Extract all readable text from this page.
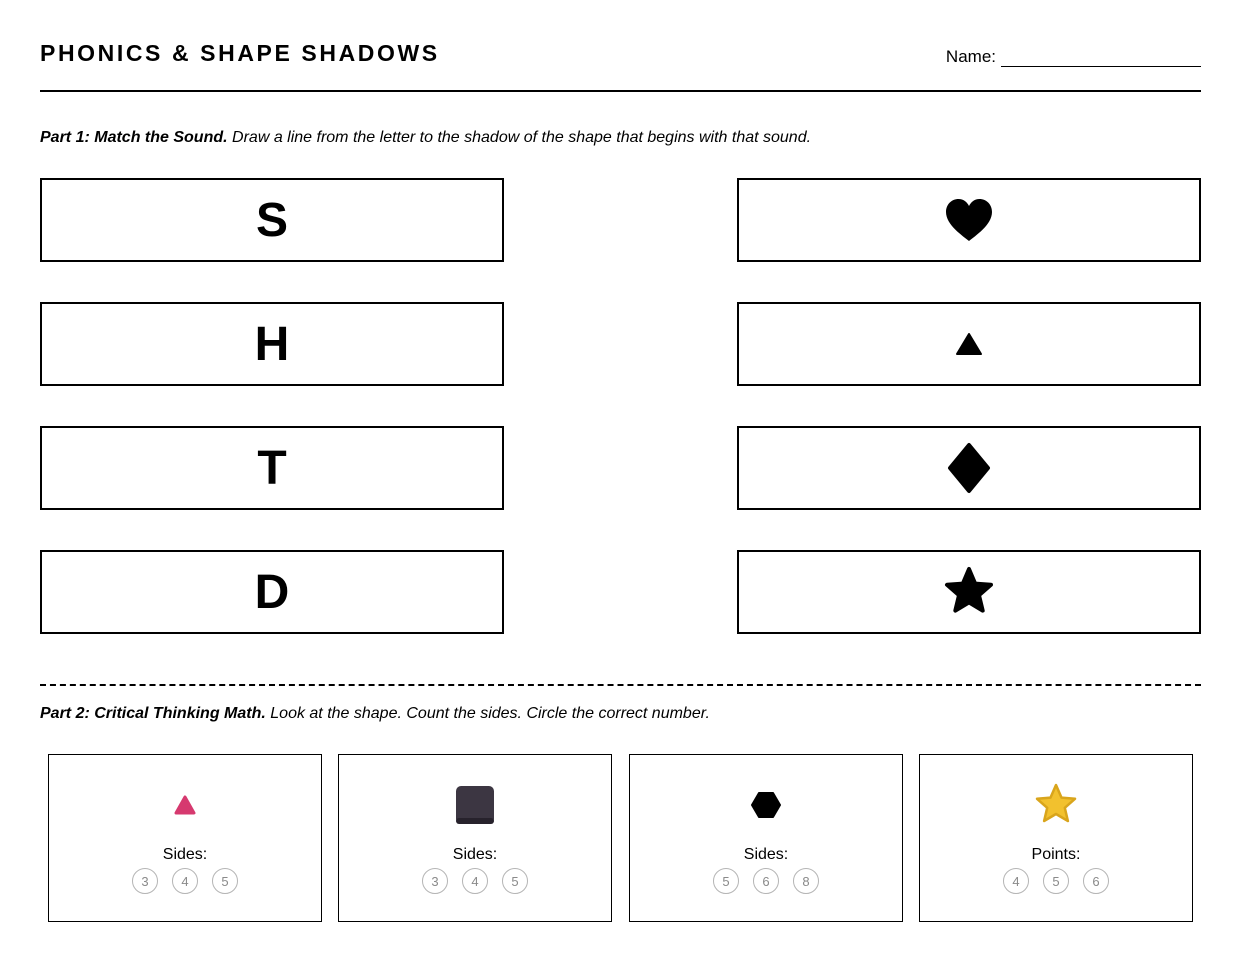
PHONICS & SHAPE SHADOWS	Name:
Part 1: Match the Sound. Draw a line from the letter to the shadow of the shape that begins with that sound.
S
H
T
D
Part 2: Critical Thinking Math. Look at the shape. Count the sides. Circle the correct number.
Sides:
3	4	5
Sides:
3	4	5
Sides:
5	6	8
Points:
4	5	6
